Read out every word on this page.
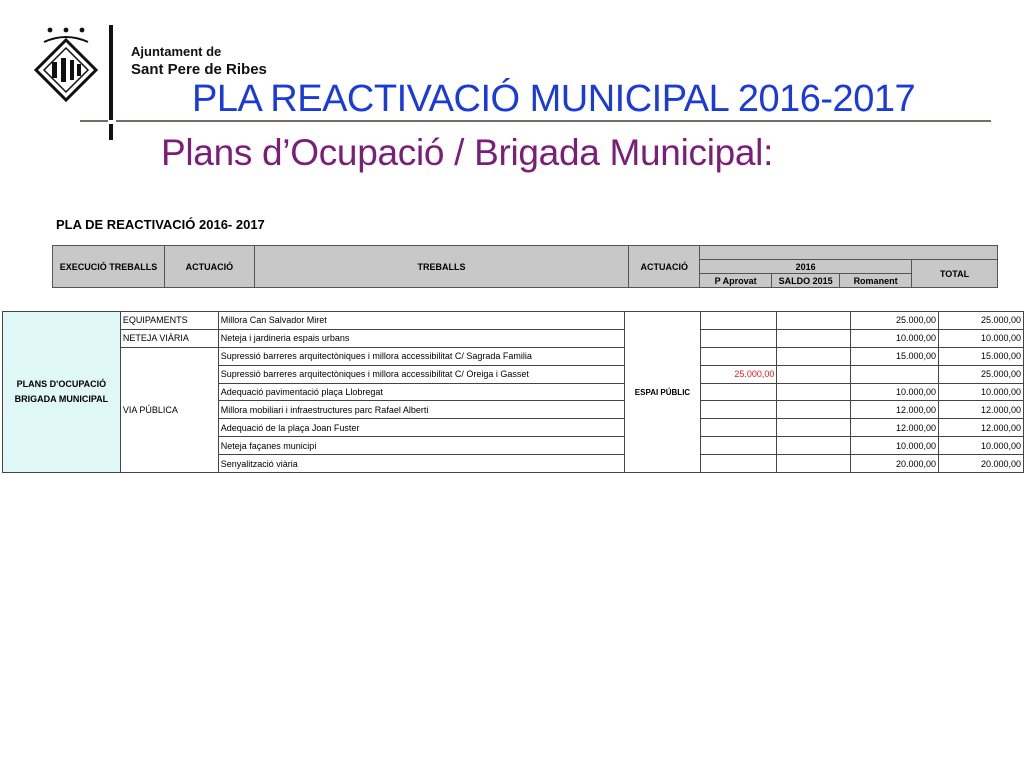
Ajuntament de
Sant Pere de Ribes
PLA REACTIVACIÓ MUNICIPAL 2016-2017
Plans d’Ocupació / Brigada Municipal:
PLA DE REACTIVACIÓ 2016- 2017
EXECUCIÓ TREBALLS	ACTUACIÓ	TREBALLS	ACTUACIÓ				
				2016			TOTAL
				P Aprovat	SALDO 2015	Romanent	
PLANS D'OCUPACIÓ BRIGADA MUNICIPAL	EQUIPAMENTS	Millora Can Salvador Miret	ESPAI PÚBLIC			25.000,00	25.000,00
	NETEJA VIÀRIA	Neteja i jardineria espais urbans				10.000,00	10.000,00
	VIA PÚBLICA	Supressió barreres arquitectòniques i millora accessibilitat C/ Sagrada Familia				15.000,00	15.000,00
		Supressió barreres arquitectòniques i millora accessibilitat C/ Oreiga i Gasset		25.000,00			25.000,00
		Adequació pavimentació plaça Llobregat				10.000,00	10.000,00
		Millora mobiliari i infraestructures parc Rafael Alberti				12.000,00	12.000,00
		Adequació de la plaça Joan Fuster				12.000,00	12.000,00
		Neteja façanes municipi				10.000,00	10.000,00
		Senyalització viària				20.000,00	20.000,00
